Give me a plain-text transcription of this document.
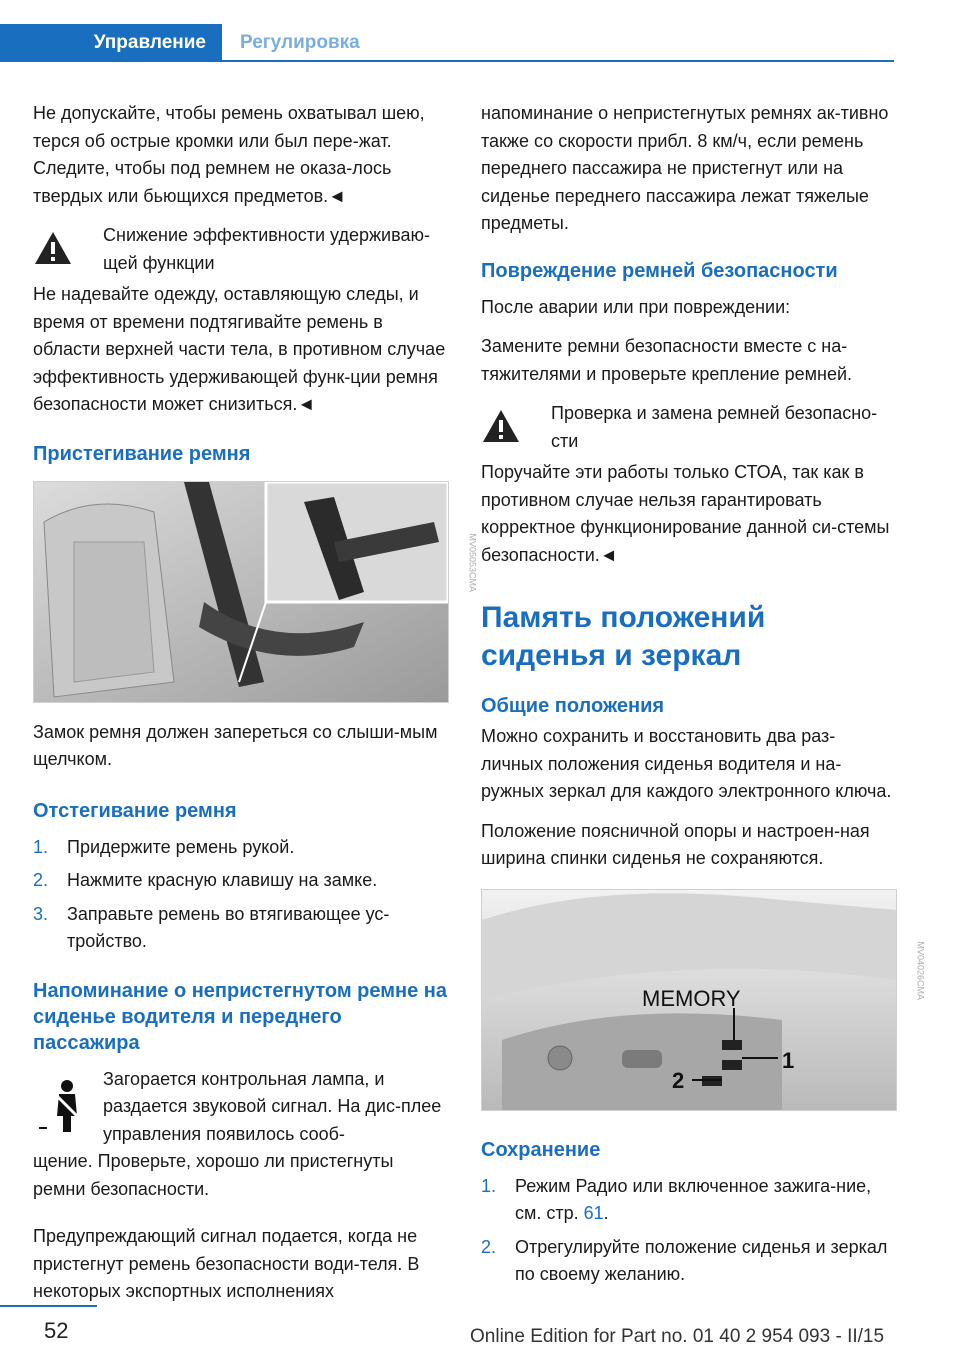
Управление	Регулировка

Не допускайте, чтобы ремень охватывал шею, терся об острые кромки или был пере-жат. Следите, чтобы под ремнем не оказа-лось твердых или бьющихся предметов.◄

Снижение эффективности удерживаю-щей функции

Не надевайте одежду, оставляющую следы, и время от времени подтягивайте ремень в области верхней части тела, в противном случае эффективность удерживающей функ-ции ремня безопасности может снизиться.◄

Пристегивание ремня
MV05053CMA

Замок ремня должен запереться со слыши-мым щелчком.

Отстегивание ремня
1.	Придержите ремень рукой.
2.	Нажмите красную клавишу на замке.
3.	Заправьте ремень во втягивающее ус-тройство.
Напоминание о непристегнутом ремне на сиденье водителя и переднего пассажира
Загорается контрольная лампа, и раздается звуковой сигнал. На дис-плее управления появилось сооб-

щение. Проверьте, хорошо ли пристегнуты ремни безопасности.

Предупреждающий сигнал подается, когда не пристегнут ремень безопасности води-теля. В некоторых экспортных исполнениях

напоминание о непристегнутых ремнях ак-тивно также со скорости прибл. 8 км/ч, если ремень переднего пассажира не пристегнут или на сиденье переднего пассажира лежат тяжелые предметы.

Повреждение ремней безопасности

После аварии или при повреждении:

Замените ремни безопасности вместе с на-тяжителями и проверьте крепление ремней.

Проверка и замена ремней безопасно-сти

Поручайте эти работы только СТОА, так как в противном случае нельзя гарантировать корректное функционирование данной си-стемы безопасности.◄

Память положений сиденья и зеркал
Общие положения

Можно сохранить и восстановить два раз-личных положения сиденья водителя и на-ружных зеркал для каждого электронного ключа.

Положение поясничной опоры и настроен-ная ширина спинки сиденья не сохраняются.

MEMORY
1
2
MV04026CMA
Сохранение
1.	Режим Радио или включенное зажига-ние, см. стр. 61.
2.	Отрегулируйте положение сиденья и зеркал по своему желанию.
52	Online Edition for Part no. 01 40 2 954 093 - II/15
